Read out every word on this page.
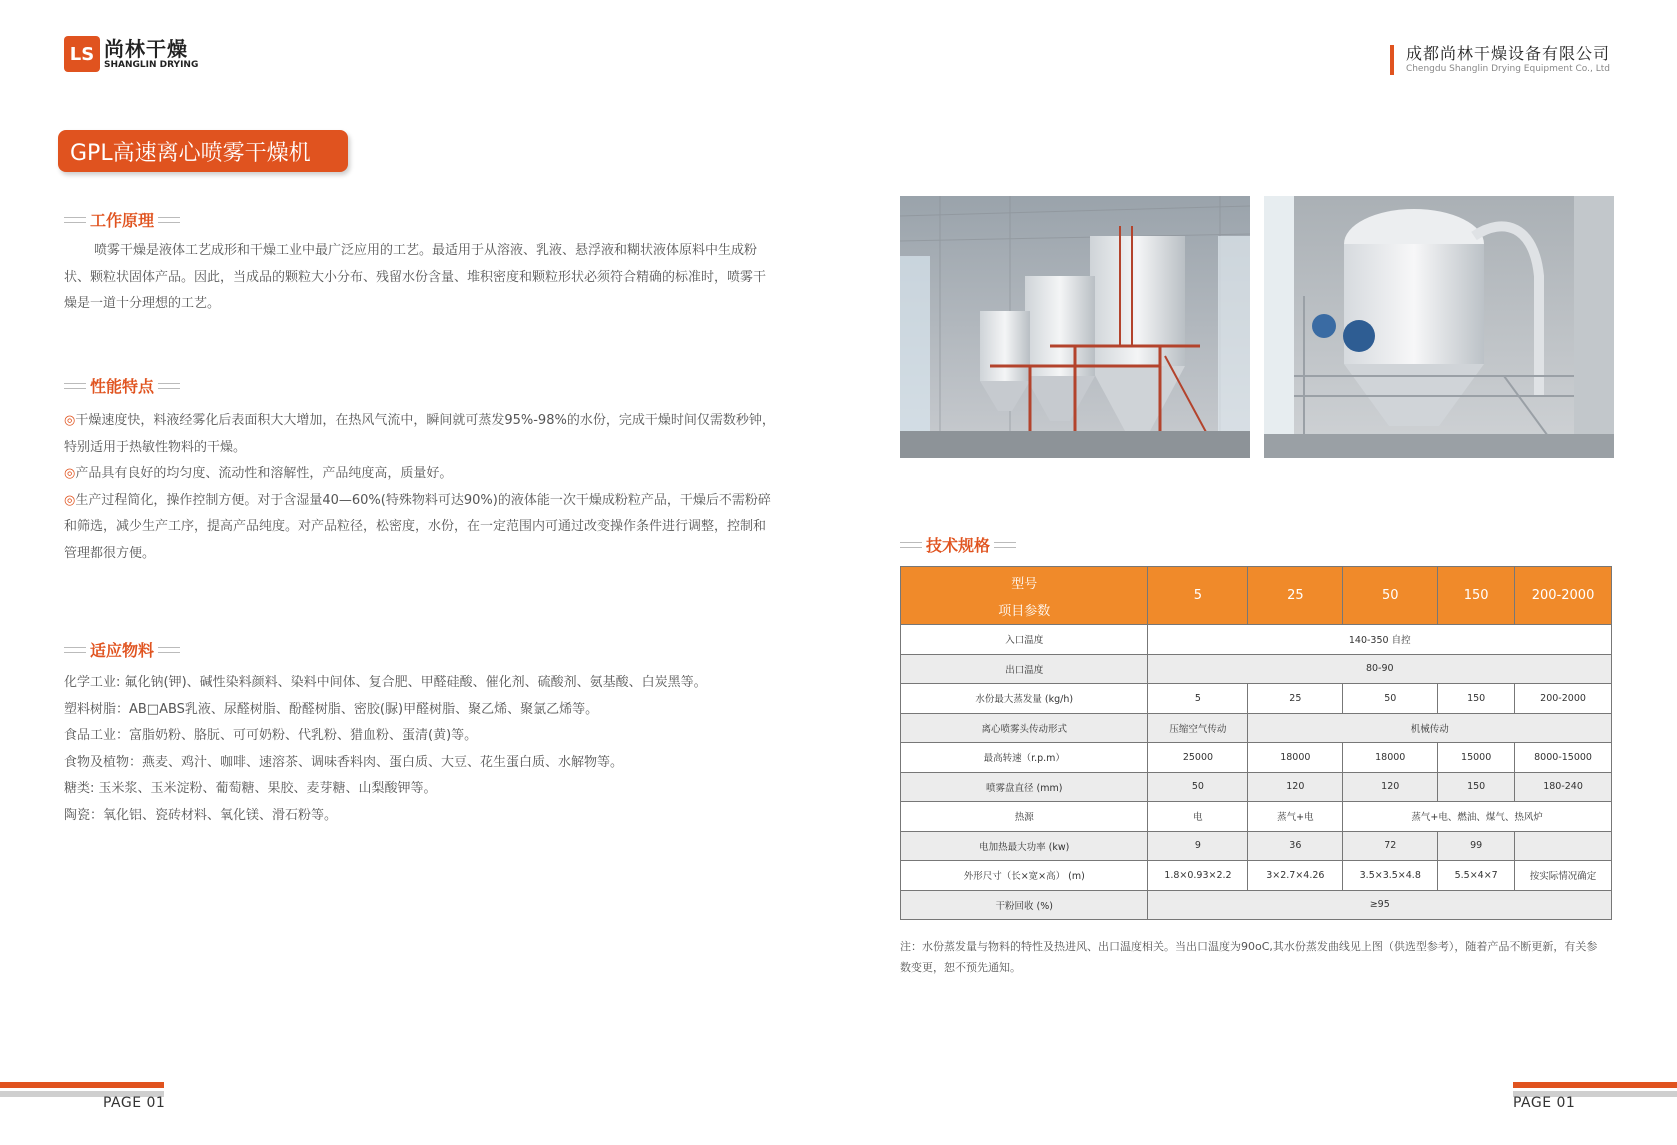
LS 尚林干燥
SHANGLIN DRYING
成都尚林干燥设备有限公司
Chengdu Shanglin Drying Equipment Co., Ltd
GPL高速离心喷雾干燥机
工作原理

喷雾干燥是液体工艺成形和干燥工业中最广泛应用的工艺。最适用于从溶液、乳液、悬浮液和糊状液体原料中生成粉状、颗粒状固体产品。因此，当成品的颗粒大小分布、残留水份含量、堆积密度和颗粒形状必须符合精确的标准时，喷雾干燥是一道十分理想的工艺。

性能特点

◎干燥速度快，料液经雾化后表面积大大增加，在热风气流中，瞬间就可蒸发95%-98%的水份，完成干燥时间仅需数秒钟，特别适用于热敏性物料的干燥。

◎产品具有良好的均匀度、流动性和溶解性，产品纯度高，质量好。

◎生产过程简化，操作控制方便。对于含湿量40—60%(特殊物料可达90%)的液体能一次干燥成粉粒产品，干燥后不需粉碎和筛选，减少生产工序，提高产品纯度。对产品粒径，松密度，水份，在一定范围内可通过改变操作条件进行调整，控制和管理都很方便。

适应物料

化学工业: 氟化钠(钾)、碱性染料颜料、染料中间体、复合肥、甲醛硅酸、催化剂、硫酸剂、氨基酸、白炭黑等。

塑料树脂：AB□ABS乳液、尿醛树脂、酚醛树脂、密胶(脲)甲醛树脂、聚乙烯、聚氯乙烯等。

食品工业：富脂奶粉、胳朊、可可奶粉、代乳粉、猎血粉、蛋清(黄)等。

食物及植物：燕麦、鸡汁、咖啡、速溶茶、调味香料肉、蛋白质、大豆、花生蛋白质、水解物等。

糖类: 玉米浆、玉米淀粉、葡萄糖、果胶、麦芽糖、山梨酸钾等。

陶瓷：氧化铝、瓷砖材料、氧化镁、滑石粉等。

技术规格
型号
项目参数	5	25	50	150	200-2000
入口温度	140-350 自控				
出口温度	80-90				
水份最大蒸发量 (kg/h)	5	25	50	150	200-2000
离心喷雾头传动形式	压缩空气传动	机械传动			
最高转速（r.p.m）	25000	18000	18000	15000	8000-15000
喷雾盘直径 (mm)	50	120	120	150	180-240
热源	电	蒸气+电	蒸气+电、燃油、煤气、热风炉		
电加热最大功率 (kw)	9	36	72	99	
外形尺寸（长×宽×高） (m)	1.8×0.93×2.2	3×2.7×4.26	3.5×3.5×4.8	5.5×4×7	按实际情况确定
干粉回收 (%)	≥95				
注：水份蒸发量与物料的特性及热进风、出口温度相关。当出口温度为90oC,其水份蒸发曲线见上图（供选型参考），随着产品不断更新，有关参数变更，恕不预先通知。
PAGE 01	PAGE 01
